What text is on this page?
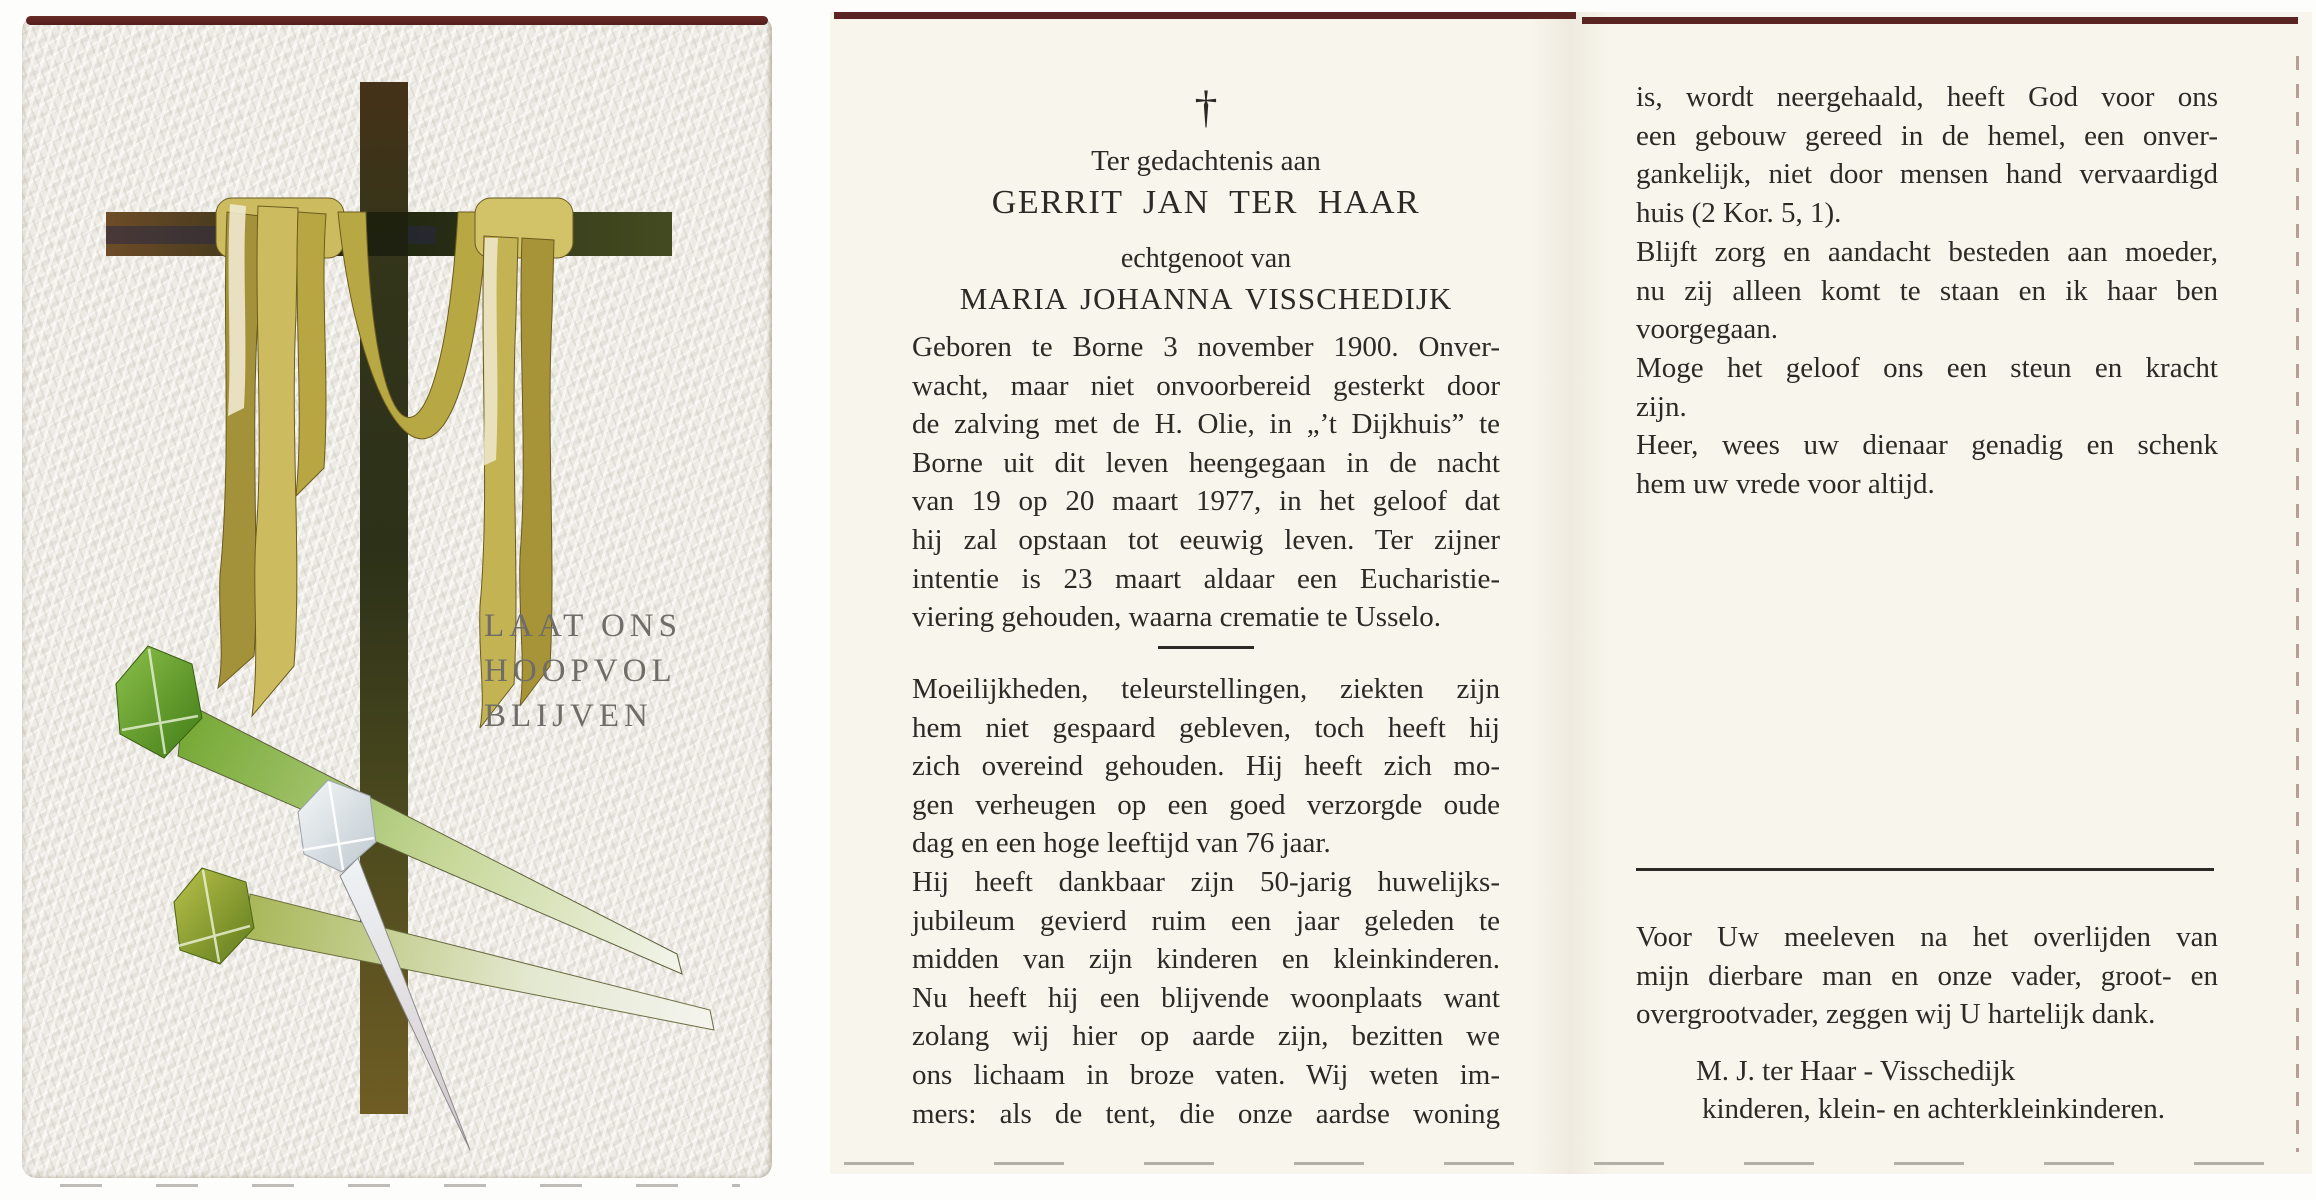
LAAT ONS
HOOPVOL
BLIJVEN
†
Ter gedachtenis aan
GERRIT JAN TER HAAR
echtgenoot van
MARIA JOHANNA VISSCHEDIJK
Geboren te Borne 3 november 1900. Onver-
wacht, maar niet onvoorbereid gesterkt door
de zalving met de H. Olie, in „’t Dijkhuis” te
Borne uit dit leven heengegaan in de nacht
van 19 op 20 maart 1977, in het geloof dat
hij zal opstaan tot eeuwig leven. Ter zijner
intentie is 23 maart aldaar een Eucharistie-
viering gehouden, waarna crematie te Usselo.
Moeilijkheden, teleurstellingen, ziekten zijn
hem niet gespaard gebleven, toch heeft hij
zich overeind gehouden. Hij heeft zich mo-
gen verheugen op een goed verzorgde oude
dag en een hoge leeftijd van 76 jaar.
Hij heeft dankbaar zijn 50-jarig huwelijks-
jubileum gevierd ruim een jaar geleden te
midden van zijn kinderen en kleinkinderen.
Nu heeft hij een blijvende woonplaats want
zolang wij hier op aarde zijn, bezitten we
ons lichaam in broze vaten. Wij weten im-
mers: als de tent, die onze aardse woning
is, wordt neergehaald, heeft God voor ons
een gebouw gereed in de hemel, een onver-
gankelijk, niet door mensen hand vervaardigd
huis (2 Kor. 5, 1).
Blijft zorg en aandacht besteden aan moeder,
nu zij alleen komt te staan en ik haar ben
voorgegaan.
Moge het geloof ons een steun en kracht
zijn.
Heer, wees uw dienaar genadig en schenk
hem uw vrede voor altijd.
Voor Uw meeleven na het overlijden van
mijn dierbare man en onze vader, groot- en
overgrootvader, zeggen wij U hartelijk dank.
M. J. ter Haar - Visschedijk
kinderen, klein- en achterkleinkinderen.
